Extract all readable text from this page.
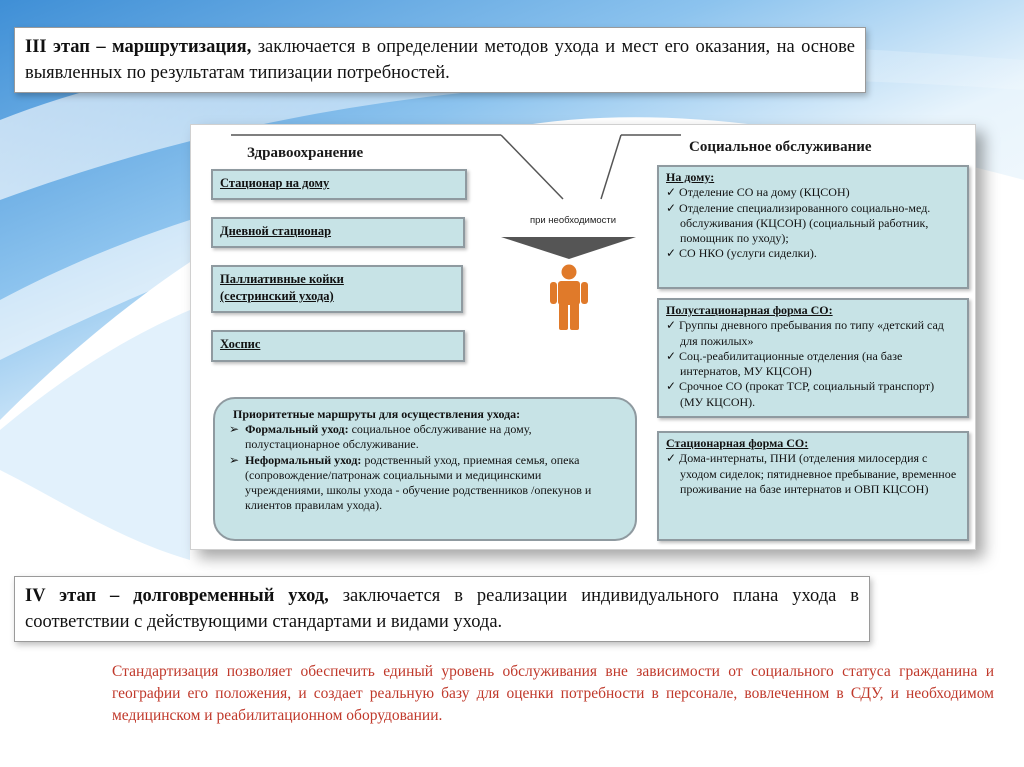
III этап – маршрутизация, заключается в определении методов ухода и мест его оказания, на основе выявленных по результатам типизации потребностей.
Здравоохранение	Социальное обслуживание
Стационар на дому
Дневной стационар
Паллиативные койки
(сестринский ухода)
Хоспис
при необходимости
Приоритетные маршруты для осуществления ухода:
➢ Формальный уход: социальное обслуживание на дому, полустационарное обслуживание.
➢ Неформальный уход: родственный уход, приемная семья, опека (сопровождение/патронаж социальными и медицинскими учреждениями, школы ухода - обучение родственников /опекунов и клиентов правилам ухода).
На дому:
✓ Отделение СО на дому (КЦСОН)
✓ Отделение специализированного социально-мед. обслуживания (КЦСОН) (социальный работник, помощник по уходу);
✓ СО НКО (услуги сиделки).
Полустационарная форма СО:
✓ Группы дневного пребывания по типу «детский сад для пожилых»
✓ Соц.-реабилитационные отделения (на базе интернатов, МУ КЦСОН)
✓ Срочное СО (прокат ТСР, социальный транспорт) (МУ КЦСОН).
Стационарная форма СО:
✓ Дома-интернаты, ПНИ (отделения милосердия с уходом сиделок; пятидневное пребывание, временное проживание на базе интернатов и ОВП КЦСОН)
IV этап – долговременный уход, заключается в реализации индивидуального плана ухода в соответствии с действующими стандартами и видами ухода.
Стандартизация позволяет обеспечить единый уровень обслуживания вне зависимости от социального статуса гражданина и географии его положения, и создает реальную базу для оценки потребности в персонале, вовлеченном в СДУ, и необходимом медицинском и реабилитационном оборудовании.
